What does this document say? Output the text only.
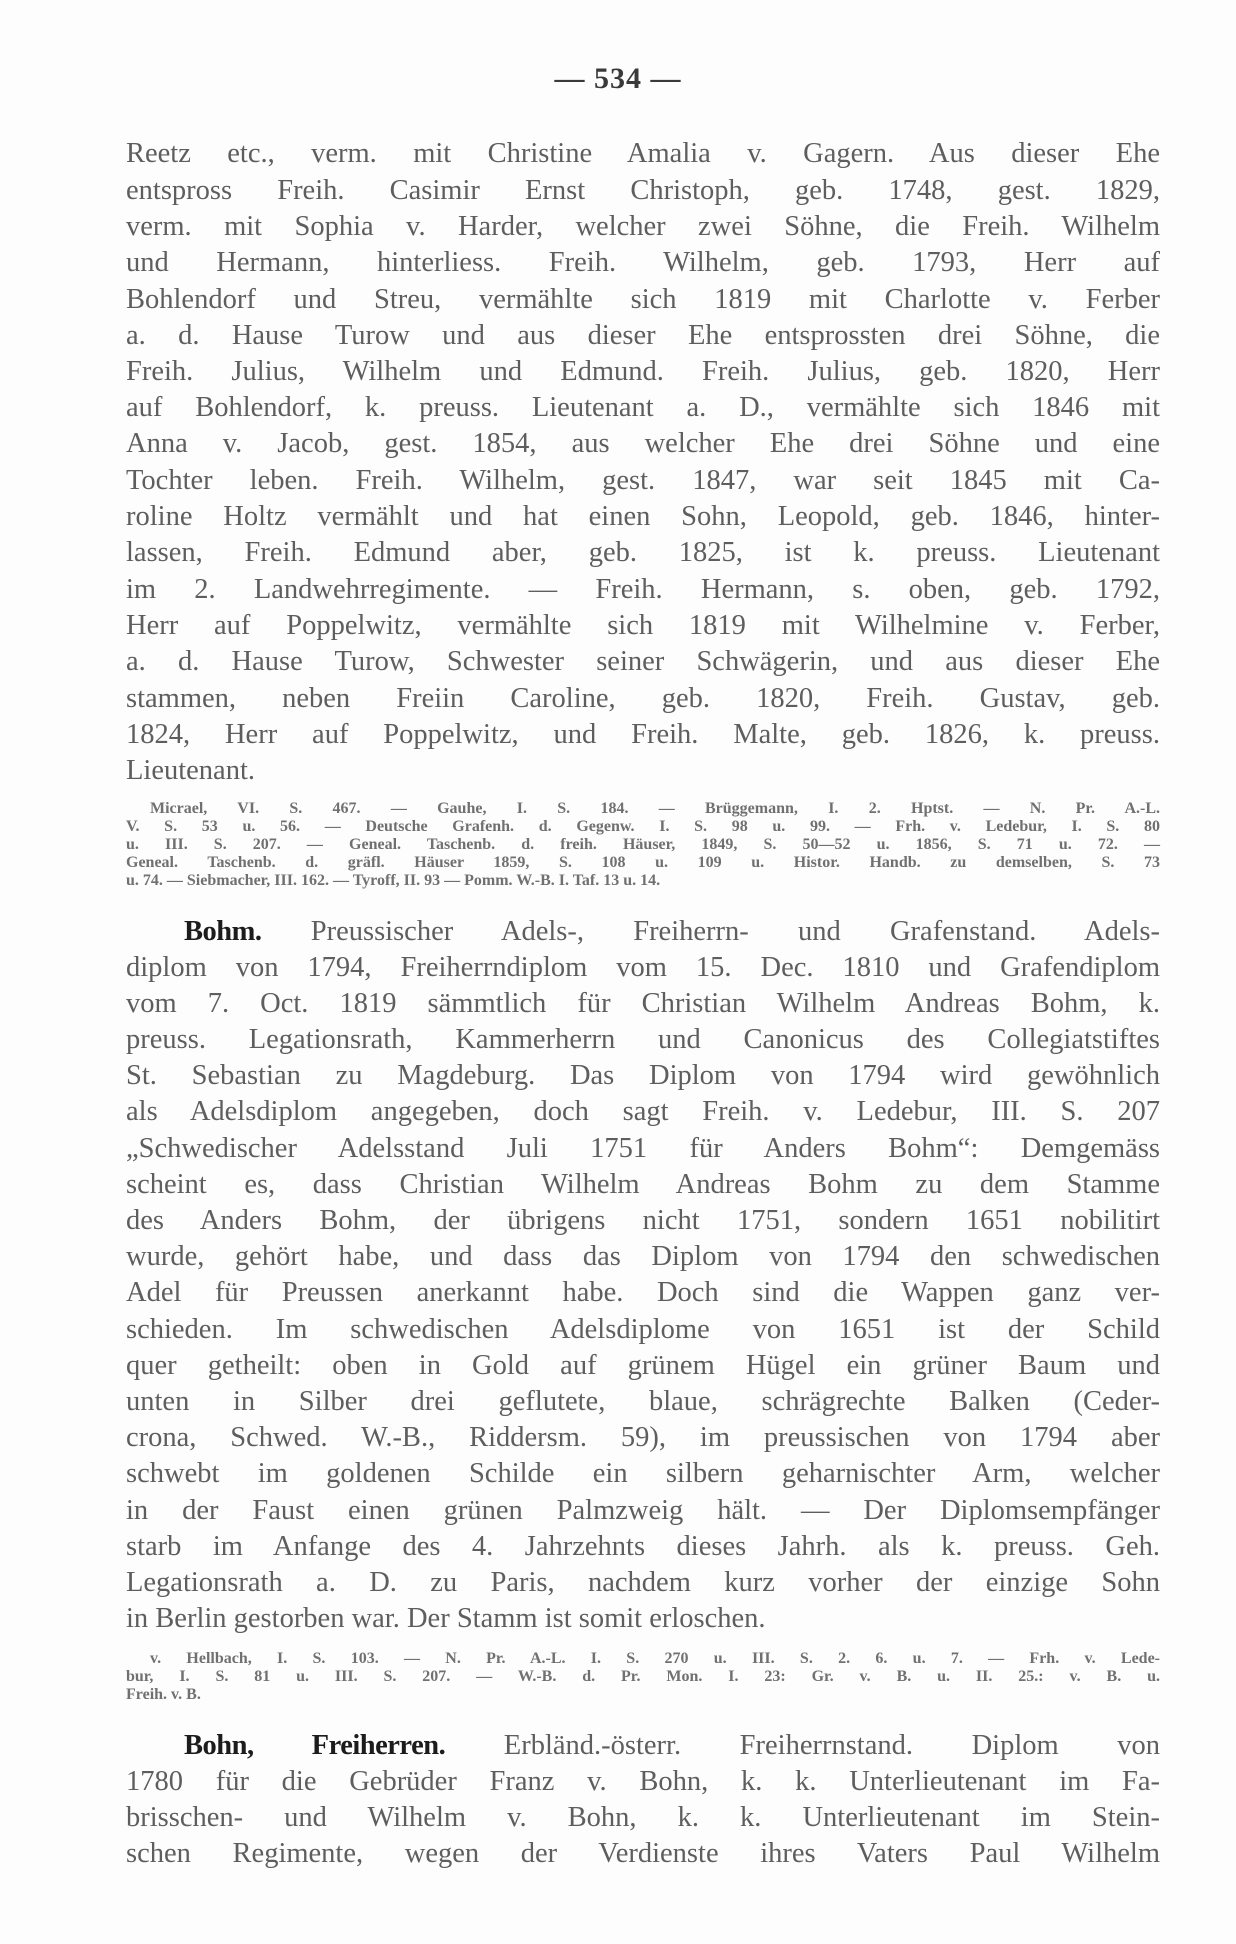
— 534 —
Reetz etc., verm. mit Christine Amalia v. Gagern. Aus dieser Ehe
entspross Freih. Casimir Ernst Christoph, geb. 1748, gest. 1829,
verm. mit Sophia v. Harder, welcher zwei Söhne, die Freih. Wilhelm
und Hermann, hinterliess. Freih. Wilhelm, geb. 1793, Herr auf
Bohlendorf und Streu, vermählte sich 1819 mit Charlotte v. Ferber
a. d. Hause Turow und aus dieser Ehe entsprossten drei Söhne, die
Freih. Julius, Wilhelm und Edmund. Freih. Julius, geb. 1820, Herr
auf Bohlendorf, k. preuss. Lieutenant a. D., vermählte sich 1846 mit
Anna v. Jacob, gest. 1854, aus welcher Ehe drei Söhne und eine
Tochter leben. Freih. Wilhelm, gest. 1847, war seit 1845 mit Ca-
roline Holtz vermählt und hat einen Sohn, Leopold, geb. 1846, hinter-
lassen, Freih. Edmund aber, geb. 1825, ist k. preuss. Lieutenant
im 2. Landwehrregimente. — Freih. Hermann, s. oben, geb. 1792,
Herr auf Poppelwitz, vermählte sich 1819 mit Wilhelmine v. Ferber,
a. d. Hause Turow, Schwester seiner Schwägerin, und aus dieser Ehe
stammen, neben Freiin Caroline, geb. 1820, Freih. Gustav, geb.
1824, Herr auf Poppelwitz, und Freih. Malte, geb. 1826, k. preuss.
Lieutenant.
Micrael, VI. S. 467. — Gauhe, I. S. 184. — Brüggemann, I. 2. Hptst. — N. Pr. A.-L.
V. S. 53 u. 56. — Deutsche Grafenh. d. Gegenw. I. S. 98 u. 99. — Frh. v. Ledebur, I. S. 80
u. III. S. 207. — Geneal. Taschenb. d. freih. Häuser, 1849, S. 50—52 u. 1856, S. 71 u. 72. —
Geneal. Taschenb. d. gräfl. Häuser 1859, S. 108 u. 109 u. Histor. Handb. zu demselben, S. 73
u. 74. — Siebmacher, III. 162. — Tyroff, II. 93 — Pomm. W.-B. I. Taf. 13 u. 14.
Bohm. Preussischer Adels-, Freiherrn- und Grafenstand. Adels-
diplom von 1794, Freiherrndiplom vom 15. Dec. 1810 und Grafendiplom
vom 7. Oct. 1819 sämmtlich für Christian Wilhelm Andreas Bohm, k.
preuss. Legationsrath, Kammerherrn und Canonicus des Collegiatstiftes
St. Sebastian zu Magdeburg. Das Diplom von 1794 wird gewöhnlich
als Adelsdiplom angegeben, doch sagt Freih. v. Ledebur, III. S. 207
„Schwedischer Adelsstand Juli 1751 für Anders Bohm“: Demgemäss
scheint es, dass Christian Wilhelm Andreas Bohm zu dem Stamme
des Anders Bohm, der übrigens nicht 1751, sondern 1651 nobilitirt
wurde, gehört habe, und dass das Diplom von 1794 den schwedischen
Adel für Preussen anerkannt habe. Doch sind die Wappen ganz ver-
schieden. Im schwedischen Adelsdiplome von 1651 ist der Schild
quer getheilt: oben in Gold auf grünem Hügel ein grüner Baum und
unten in Silber drei geflutete, blaue, schrägrechte Balken (Ceder-
crona, Schwed. W.-B., Riddersm. 59), im preussischen von 1794 aber
schwebt im goldenen Schilde ein silbern geharnischter Arm, welcher
in der Faust einen grünen Palmzweig hält. — Der Diplomsempfänger
starb im Anfange des 4. Jahrzehnts dieses Jahrh. als k. preuss. Geh.
Legationsrath a. D. zu Paris, nachdem kurz vorher der einzige Sohn
in Berlin gestorben war. Der Stamm ist somit erloschen.
v. Hellbach, I. S. 103. — N. Pr. A.-L. I. S. 270 u. III. S. 2. 6. u. 7. — Frh. v. Lede-
bur, I. S. 81 u. III. S. 207. — W.-B. d. Pr. Mon. I. 23: Gr. v. B. u. II. 25.: v. B. u.
Freih. v. B.
Bohn, Freiherren. Erbländ.-österr. Freiherrnstand. Diplom von
1780 für die Gebrüder Franz v. Bohn, k. k. Unterlieutenant im Fa-
brisschen- und Wilhelm v. Bohn, k. k. Unterlieutenant im Stein-
schen Regimente, wegen der Verdienste ihres Vaters Paul Wilhelm
